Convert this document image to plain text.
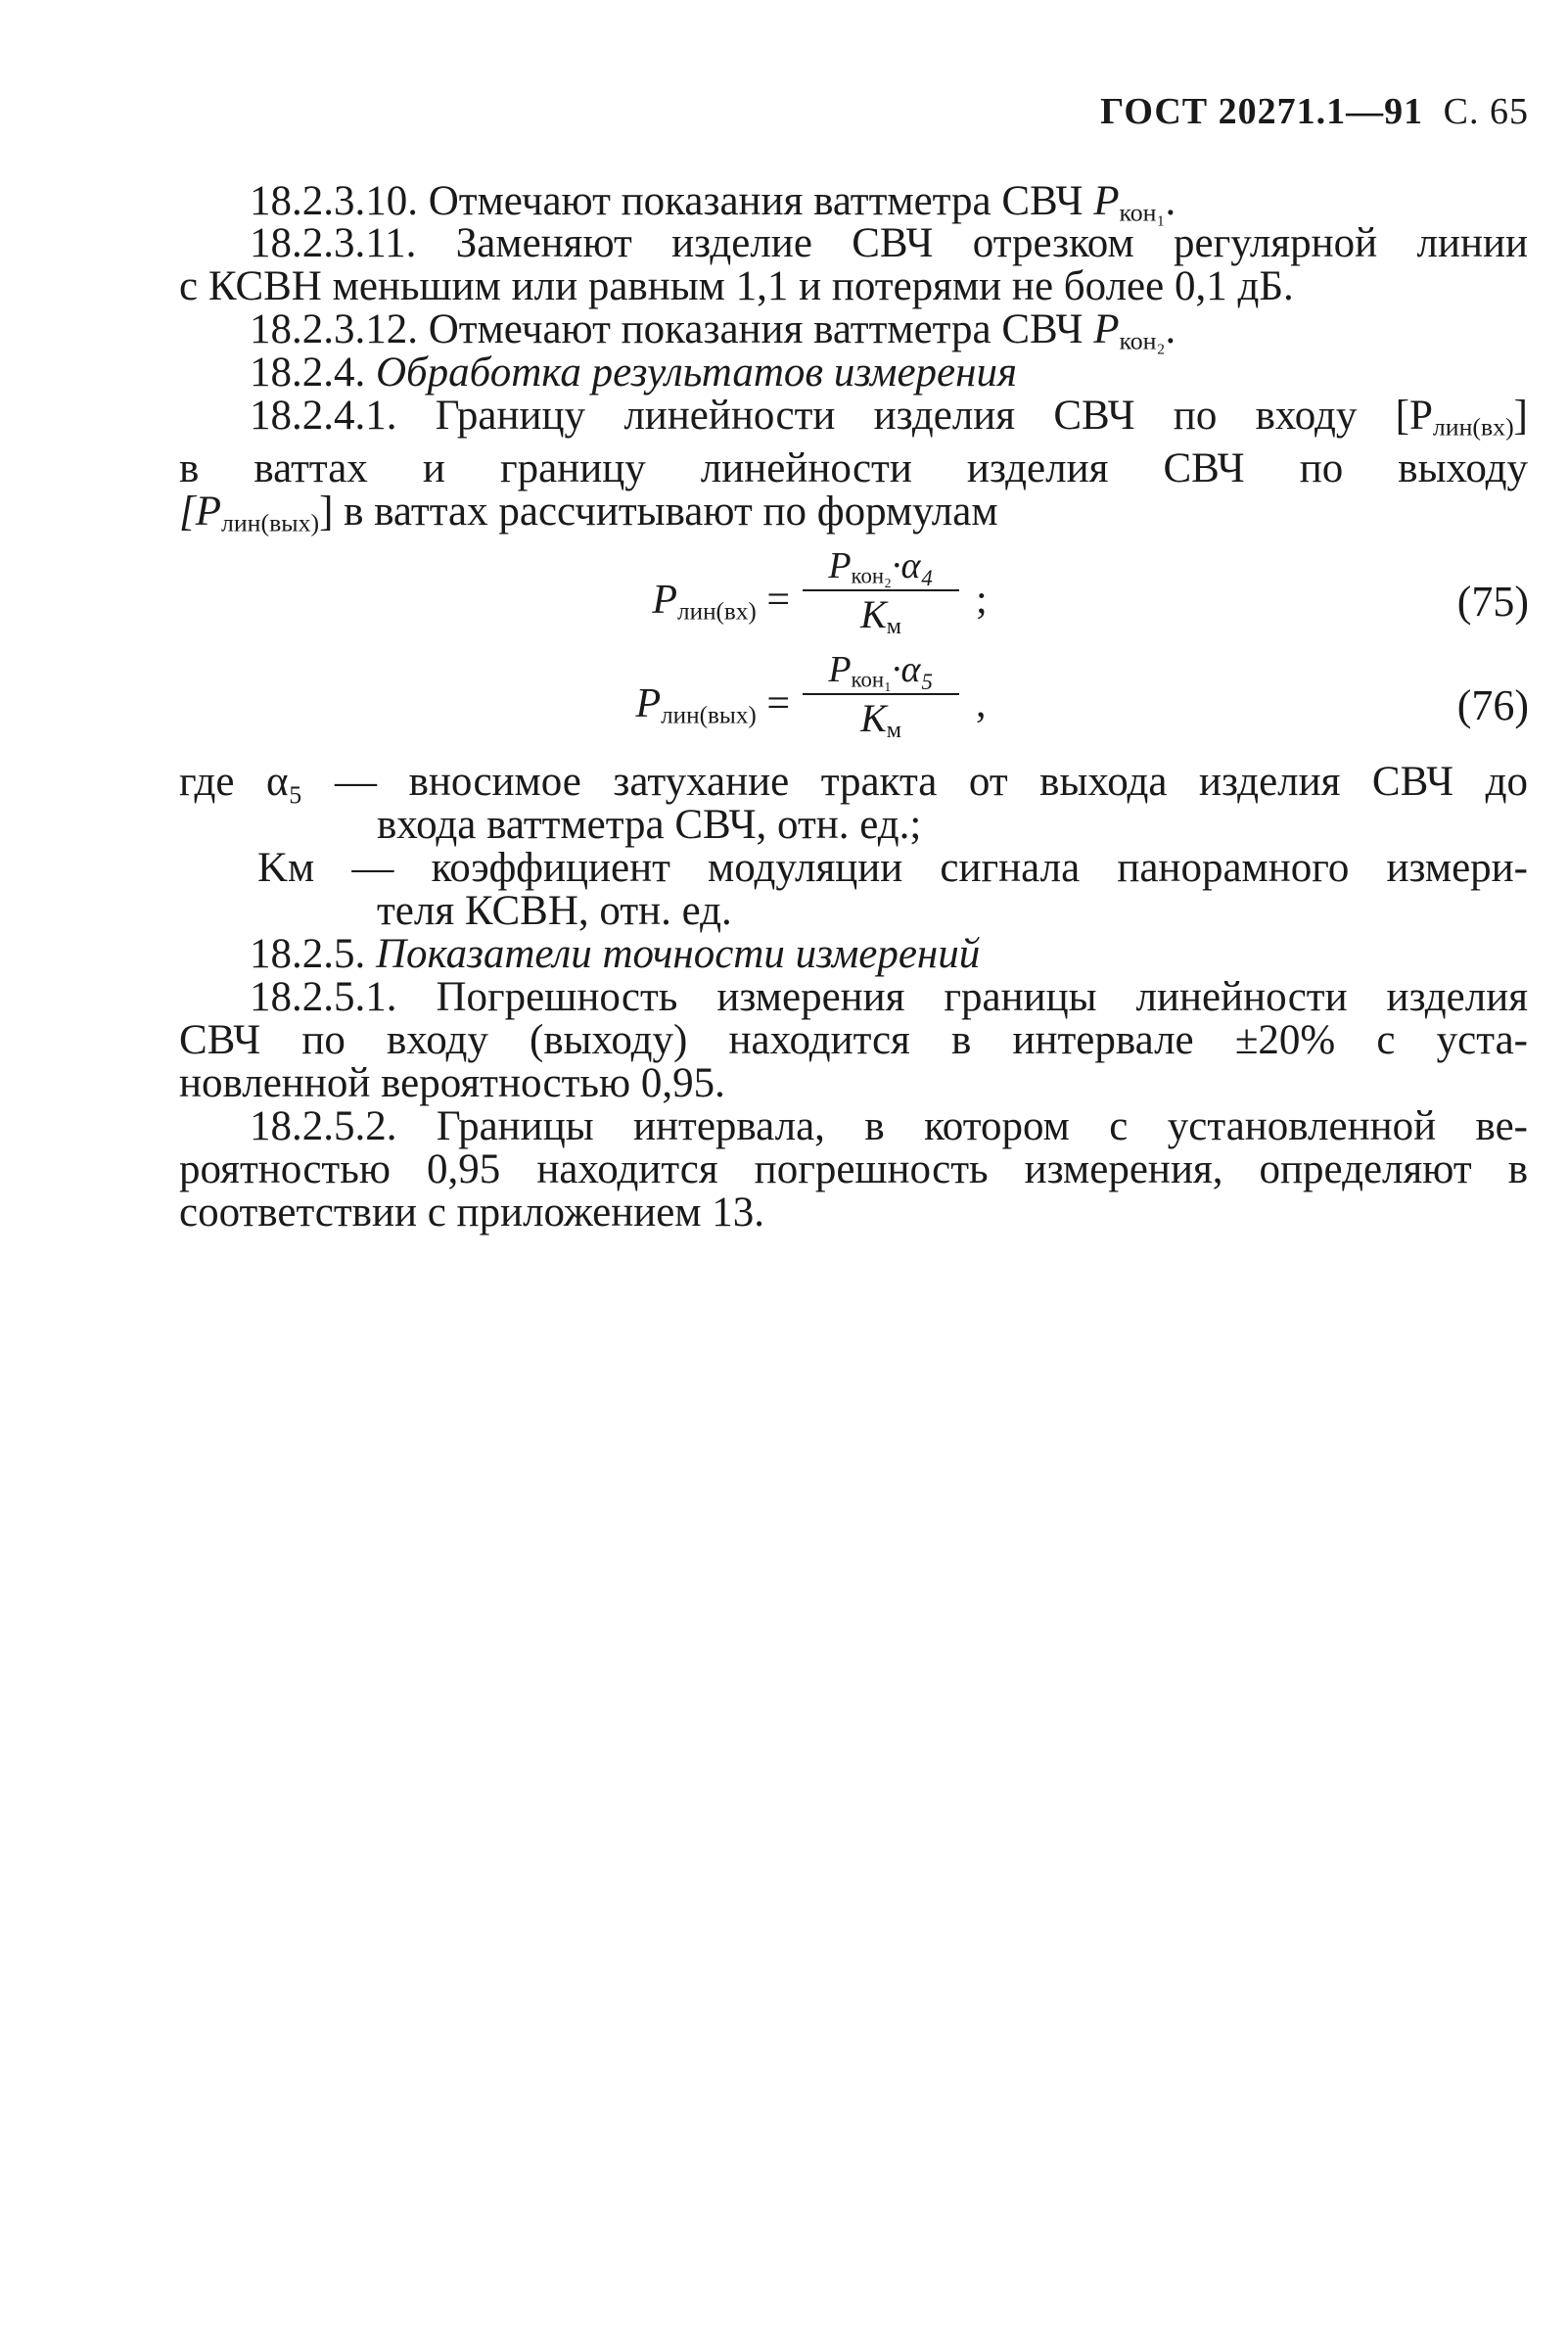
ГОСТ 20271.1—91 С. 65
18.2.3.10. Отмечают показания ваттметра СВЧ Pкон₁.
18.2.3.11. Заменяют изделие СВЧ отрезком регулярной линии
с КСВН меньшим или равным 1,1 и потерями не более 0,1 дБ.
18.2.3.12. Отмечают показания ваттметра СВЧ Pкон₂.
18.2.4. Обработка результатов измерения
18.2.4.1. Границу линейности изделия СВЧ по входу [Pлин(вх)]
в ваттах и границу линейности изделия СВЧ по выходу
[Pлин(вых)] в ваттах рассчитывают по формулам
Pлин(вх) =
Pкон₂·α₄
Kм
;	(75)
Pлин(вых) =
Pкон₁·α₅
Kм
,	(76)
где α₅ — вносимое затухание тракта от выхода изделия СВЧ до
входа ваттметра СВЧ, отн. ед.;
Kм — коэффициент модуляции сигнала панорамного измери-
теля КСВН, отн. ед.
18.2.5. Показатели точности измерений
18.2.5.1. Погрешность измерения границы линейности изделия
СВЧ по входу (выходу) находится в интервале ±20% с уста-
новленной вероятностью 0,95.
18.2.5.2. Границы интервала, в котором с установленной ве-
роятностью 0,95 находится погрешность измерения, определяют в
соответствии с приложением 13.
